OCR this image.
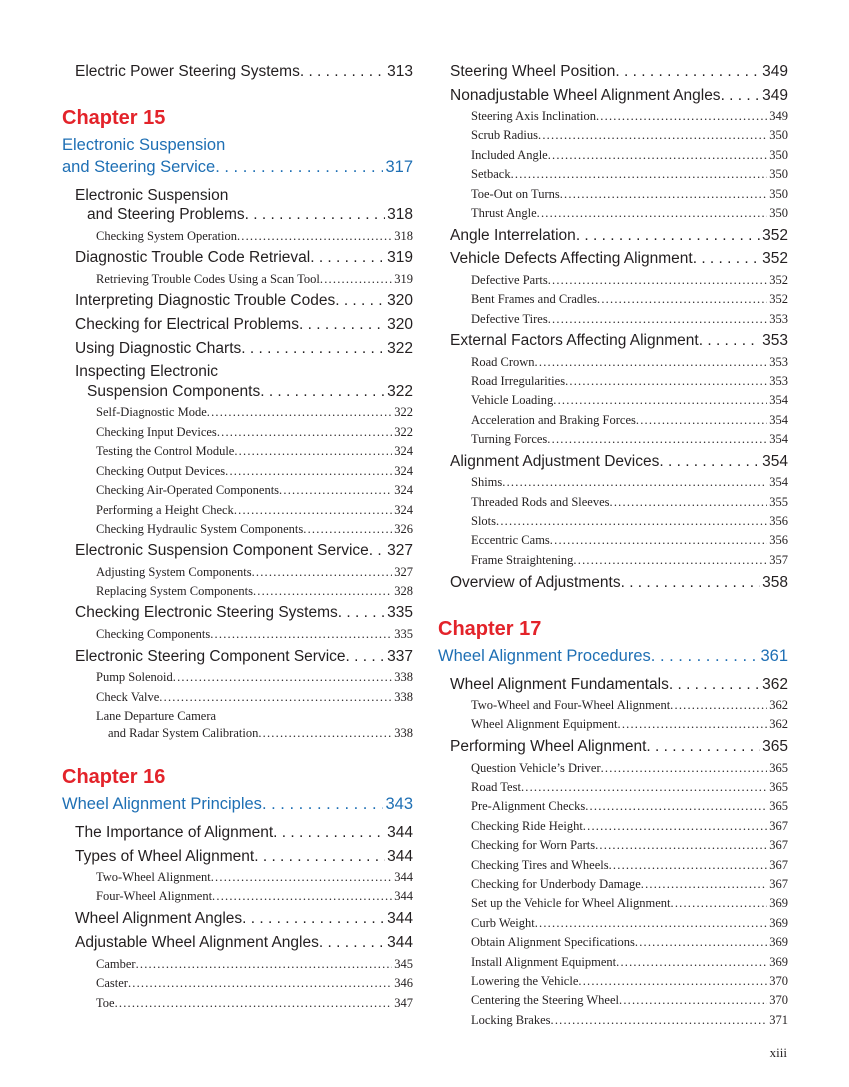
Electric Power Steering Systems . . .	313
Chapter 15
Electronic Suspension
and Steering Service . . .	317
Electronic Suspension
and Steering Problems . . .	318
Checking System Operation .....	318
Diagnostic Trouble Code Retrieval . . .	319
Retrieving Trouble Codes Using a Scan Tool .....	319
Interpreting Diagnostic Trouble Codes . . .	320
Checking for Electrical Problems . . .	320
Using Diagnostic Charts . . .	322
Inspecting Electronic
Suspension Components . . .	322
Self-Diagnostic Mode .....	322
Checking Input Devices .....	322
Testing the Control Module .....	324
Checking Output Devices .....	324
Checking Air-Operated Components .....	324
Performing a Height Check .....	324
Checking Hydraulic System Components .....	326
Electronic Suspension Component Service . . . 327
Adjusting System Components .....	327
Replacing System Components .....	328
Checking Electronic Steering Systems . . .	335
Checking Components .....	335
Electronic Steering Component Service . . .	337
Pump Solenoid .....	338
Check Valve .....	338
Lane Departure Camera
and Radar System Calibration .....	338
Chapter 16
Wheel Alignment Principles . . .	343
The Importance of Alignment . . .	344
Types of Wheel Alignment . . .	344
Two-Wheel Alignment .....	344
Four-Wheel Alignment .....	344
Wheel Alignment Angles . . .	344
Adjustable Wheel Alignment Angles . . .	344
Camber .....	345
Caster .....	346
Toe .....	347
Steering Wheel Position . . .	349
Nonadjustable Wheel Alignment Angles . . .	349
Steering Axis Inclination .....	349
Scrub Radius .....	350
Included Angle .....	350
Setback .....	350
Toe-Out on Turns .....	350
Thrust Angle .....	350
Angle Interrelation . . .	352
Vehicle Defects Affecting Alignment . . .	352
Defective Parts .....	352
Bent Frames and Cradles .....	352
Defective Tires .....	353
External Factors Affecting Alignment . . .	353
Road Crown .....	353
Road Irregularities .....	353
Vehicle Loading .....	354
Acceleration and Braking Forces .....	354
Turning Forces .....	354
Alignment Adjustment Devices . . .	354
Shims .....	354
Threaded Rods and Sleeves .....	355
Slots .....	356
Eccentric Cams .....	356
Frame Straightening .....	357
Overview of Adjustments . . .	358
Chapter 17
Wheel Alignment Procedures . . .	361
Wheel Alignment Fundamentals . . .	362
Two-Wheel and Four-Wheel Alignment .....	362
Wheel Alignment Equipment .....	362
Performing Wheel Alignment . . .	365
Question Vehicle’s Driver .....	365
Road Test .....	365
Pre-Alignment Checks .....	365
Checking Ride Height .....	367
Checking for Worn Parts .....	367
Checking Tires and Wheels .....	367
Checking for Underbody Damage .....	367
Set up the Vehicle for Wheel Alignment .....	369
Curb Weight .....	369
Obtain Alignment Specifications .....	369
Install Alignment Equipment .....	369
Lowering the Vehicle .....	370
Centering the Steering Wheel .....	370
Locking Brakes .....	371
xiii
